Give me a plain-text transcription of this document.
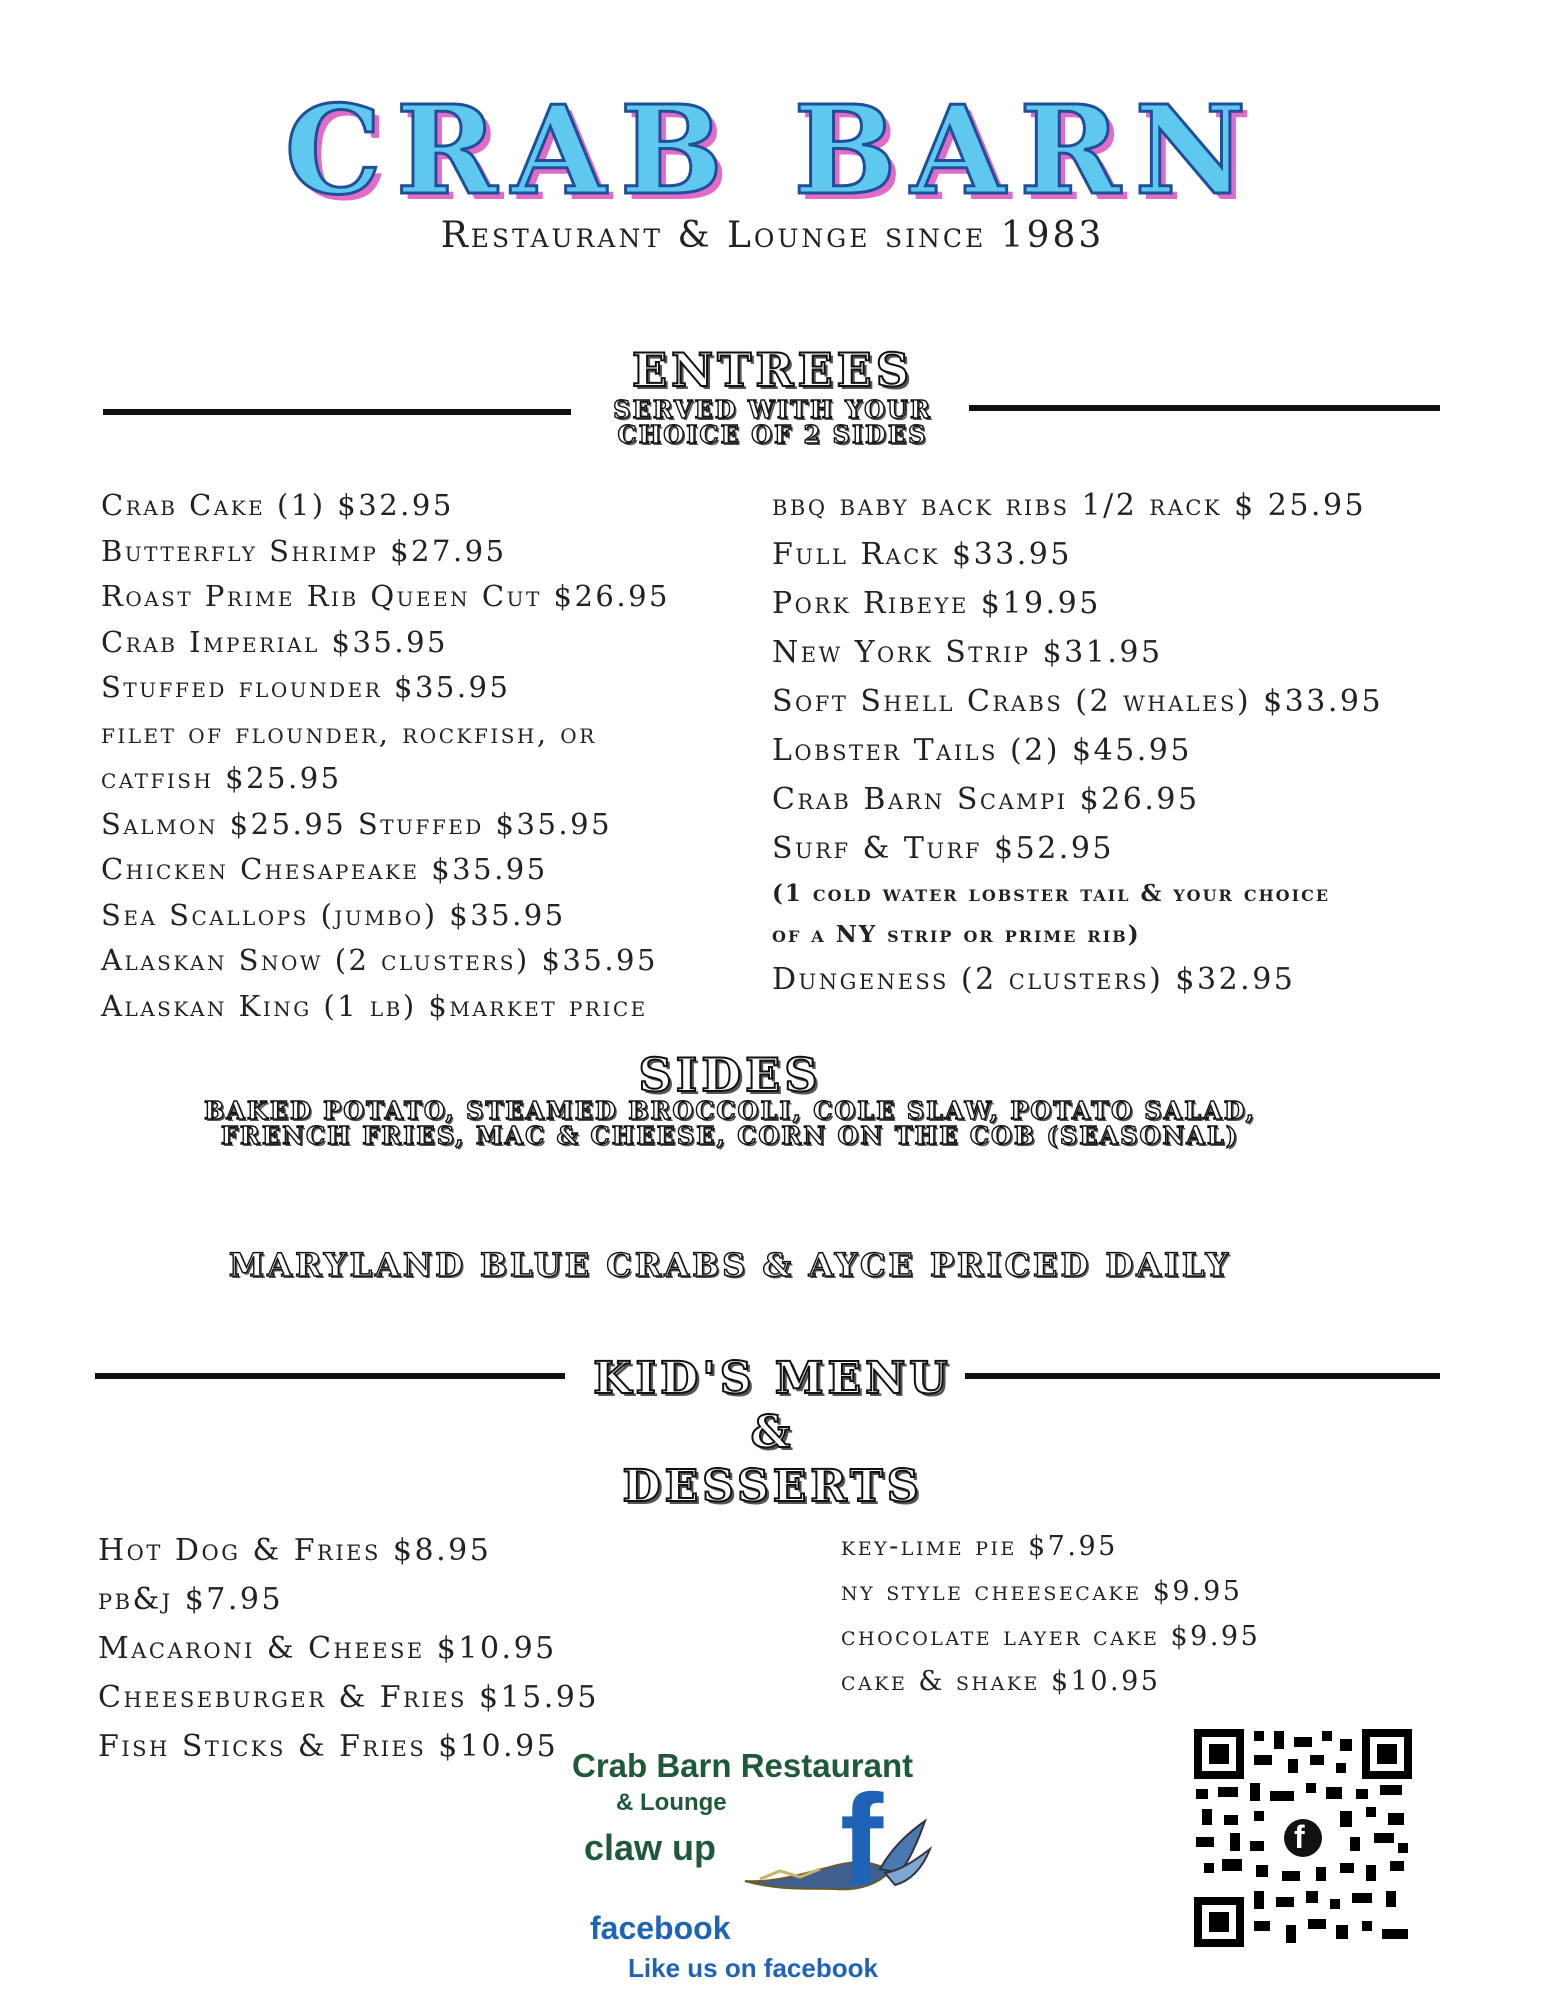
CRAB BARN
Restaurant & Lounge since 1983
ENTREES
SERVED WITH YOUR
CHOICE OF 2 SIDES
Crab Cake (1) $32.95
Butterfly Shrimp $27.95
Roast Prime Rib Queen Cut $26.95
Crab Imperial $35.95
Stuffed flounder $35.95
filet of flounder, rockfish, or
catfish $25.95
Salmon $25.95 Stuffed $35.95
Chicken Chesapeake $35.95
Sea Scallops (jumbo) $35.95
Alaskan Snow (2 clusters) $35.95
Alaskan King (1 lb) $market price
bbq baby back ribs 1/2 rack $ 25.95
Full Rack $33.95
Pork Ribeye $19.95
New York Strip $31.95
Soft Shell Crabs (2 whales) $33.95
Lobster Tails (2) $45.95
Crab Barn Scampi $26.95
Surf & Turf $52.95
(1 cold water lobster tail & your choice
of a NY strip or prime rib)
Dungeness (2 clusters) $32.95
SIDES
BAKED POTATO, STEAMED BROCCOLI, COLE SLAW, POTATO SALAD,
FRENCH FRIES, MAC & CHEESE, CORN ON THE COB (SEASONAL)
MARYLAND BLUE CRABS & AYCE PRICED DAILY
KID'S MENU
&
DESSERTS
Hot Dog & Fries $8.95
pb&j $7.95
Macaroni & Cheese $10.95
Cheeseburger & Fries $15.95
Fish Sticks & Fries $10.95
key-lime pie $7.95
ny style cheesecake $9.95
chocolate layer cake $9.95
cake & shake $10.95
Crab Barn Restaurant
& Lounge
claw up f
facebook
Like us on facebook
f
